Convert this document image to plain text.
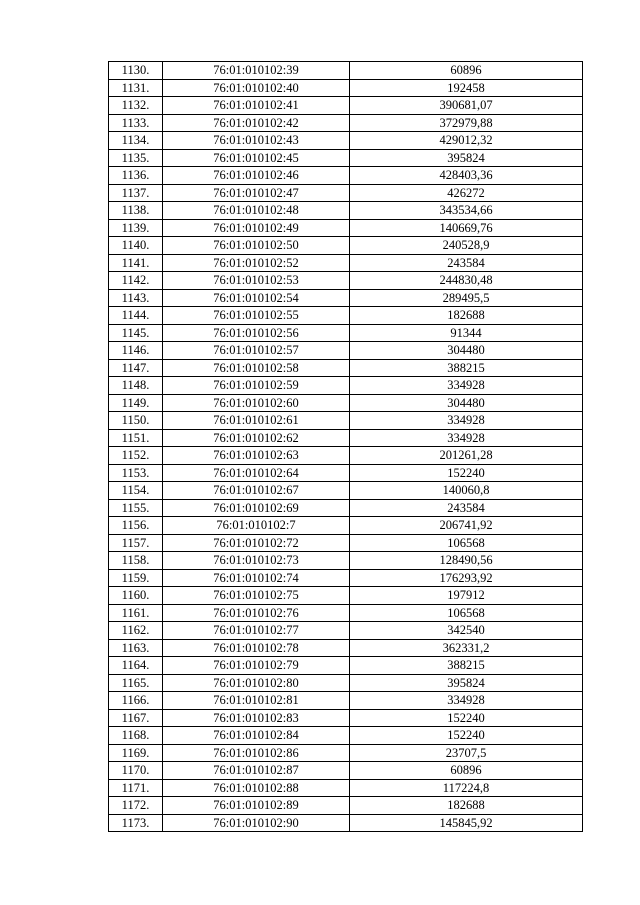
1130.	76:01:010102:39	60896
1131.	76:01:010102:40	192458
1132.	76:01:010102:41	390681,07
1133.	76:01:010102:42	372979,88
1134.	76:01:010102:43	429012,32
1135.	76:01:010102:45	395824
1136.	76:01:010102:46	428403,36
1137.	76:01:010102:47	426272
1138.	76:01:010102:48	343534,66
1139.	76:01:010102:49	140669,76
1140.	76:01:010102:50	240528,9
1141.	76:01:010102:52	243584
1142.	76:01:010102:53	244830,48
1143.	76:01:010102:54	289495,5
1144.	76:01:010102:55	182688
1145.	76:01:010102:56	91344
1146.	76:01:010102:57	304480
1147.	76:01:010102:58	388215
1148.	76:01:010102:59	334928
1149.	76:01:010102:60	304480
1150.	76:01:010102:61	334928
1151.	76:01:010102:62	334928
1152.	76:01:010102:63	201261,28
1153.	76:01:010102:64	152240
1154.	76:01:010102:67	140060,8
1155.	76:01:010102:69	243584
1156.	76:01:010102:7	206741,92
1157.	76:01:010102:72	106568
1158.	76:01:010102:73	128490,56
1159.	76:01:010102:74	176293,92
1160.	76:01:010102:75	197912
1161.	76:01:010102:76	106568
1162.	76:01:010102:77	342540
1163.	76:01:010102:78	362331,2
1164.	76:01:010102:79	388215
1165.	76:01:010102:80	395824
1166.	76:01:010102:81	334928
1167.	76:01:010102:83	152240
1168.	76:01:010102:84	152240
1169.	76:01:010102:86	23707,5
1170.	76:01:010102:87	60896
1171.	76:01:010102:88	117224,8
1172.	76:01:010102:89	182688
1173.	76:01:010102:90	145845,92
